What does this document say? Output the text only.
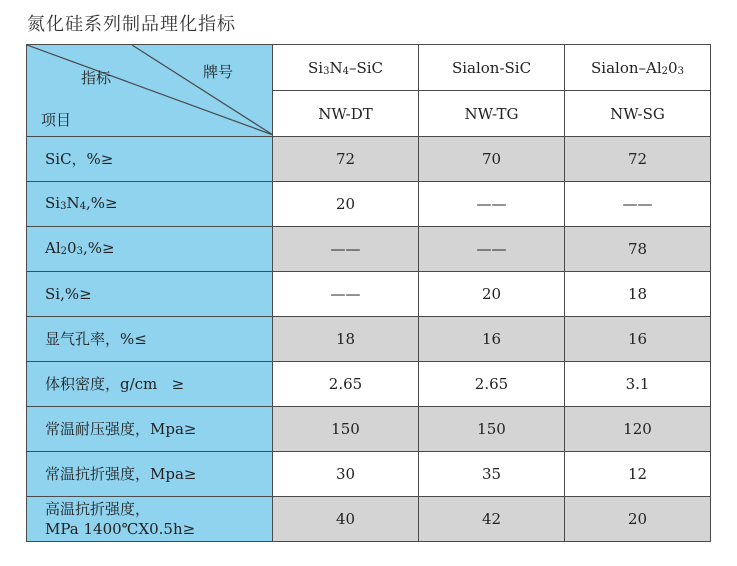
氮化硅系列制品理化指标
牌号
指标
项目	$Si_3N_4$–SiC	Sialon-SiC	Sialon–$Al_20_3$
	NW-DT	NW-TG	NW-SG
SiC，%≥	72	70	72
$Si_3N_4,\%\ge$	20	——	——
$Al_20_3,\%\ge$	——	——	78
Si,%≥	——	20	18
显气孔率，%≤	18	16	16
体积密度，g/cm   ≥	2.65	2.65	3.1
常温耐压强度，Mpa≥	150	150	120
常温抗折强度，Mpa≥	30	35	12

高温抗折强度，
MPa 1400℃X0.5h≥	40	42	20
